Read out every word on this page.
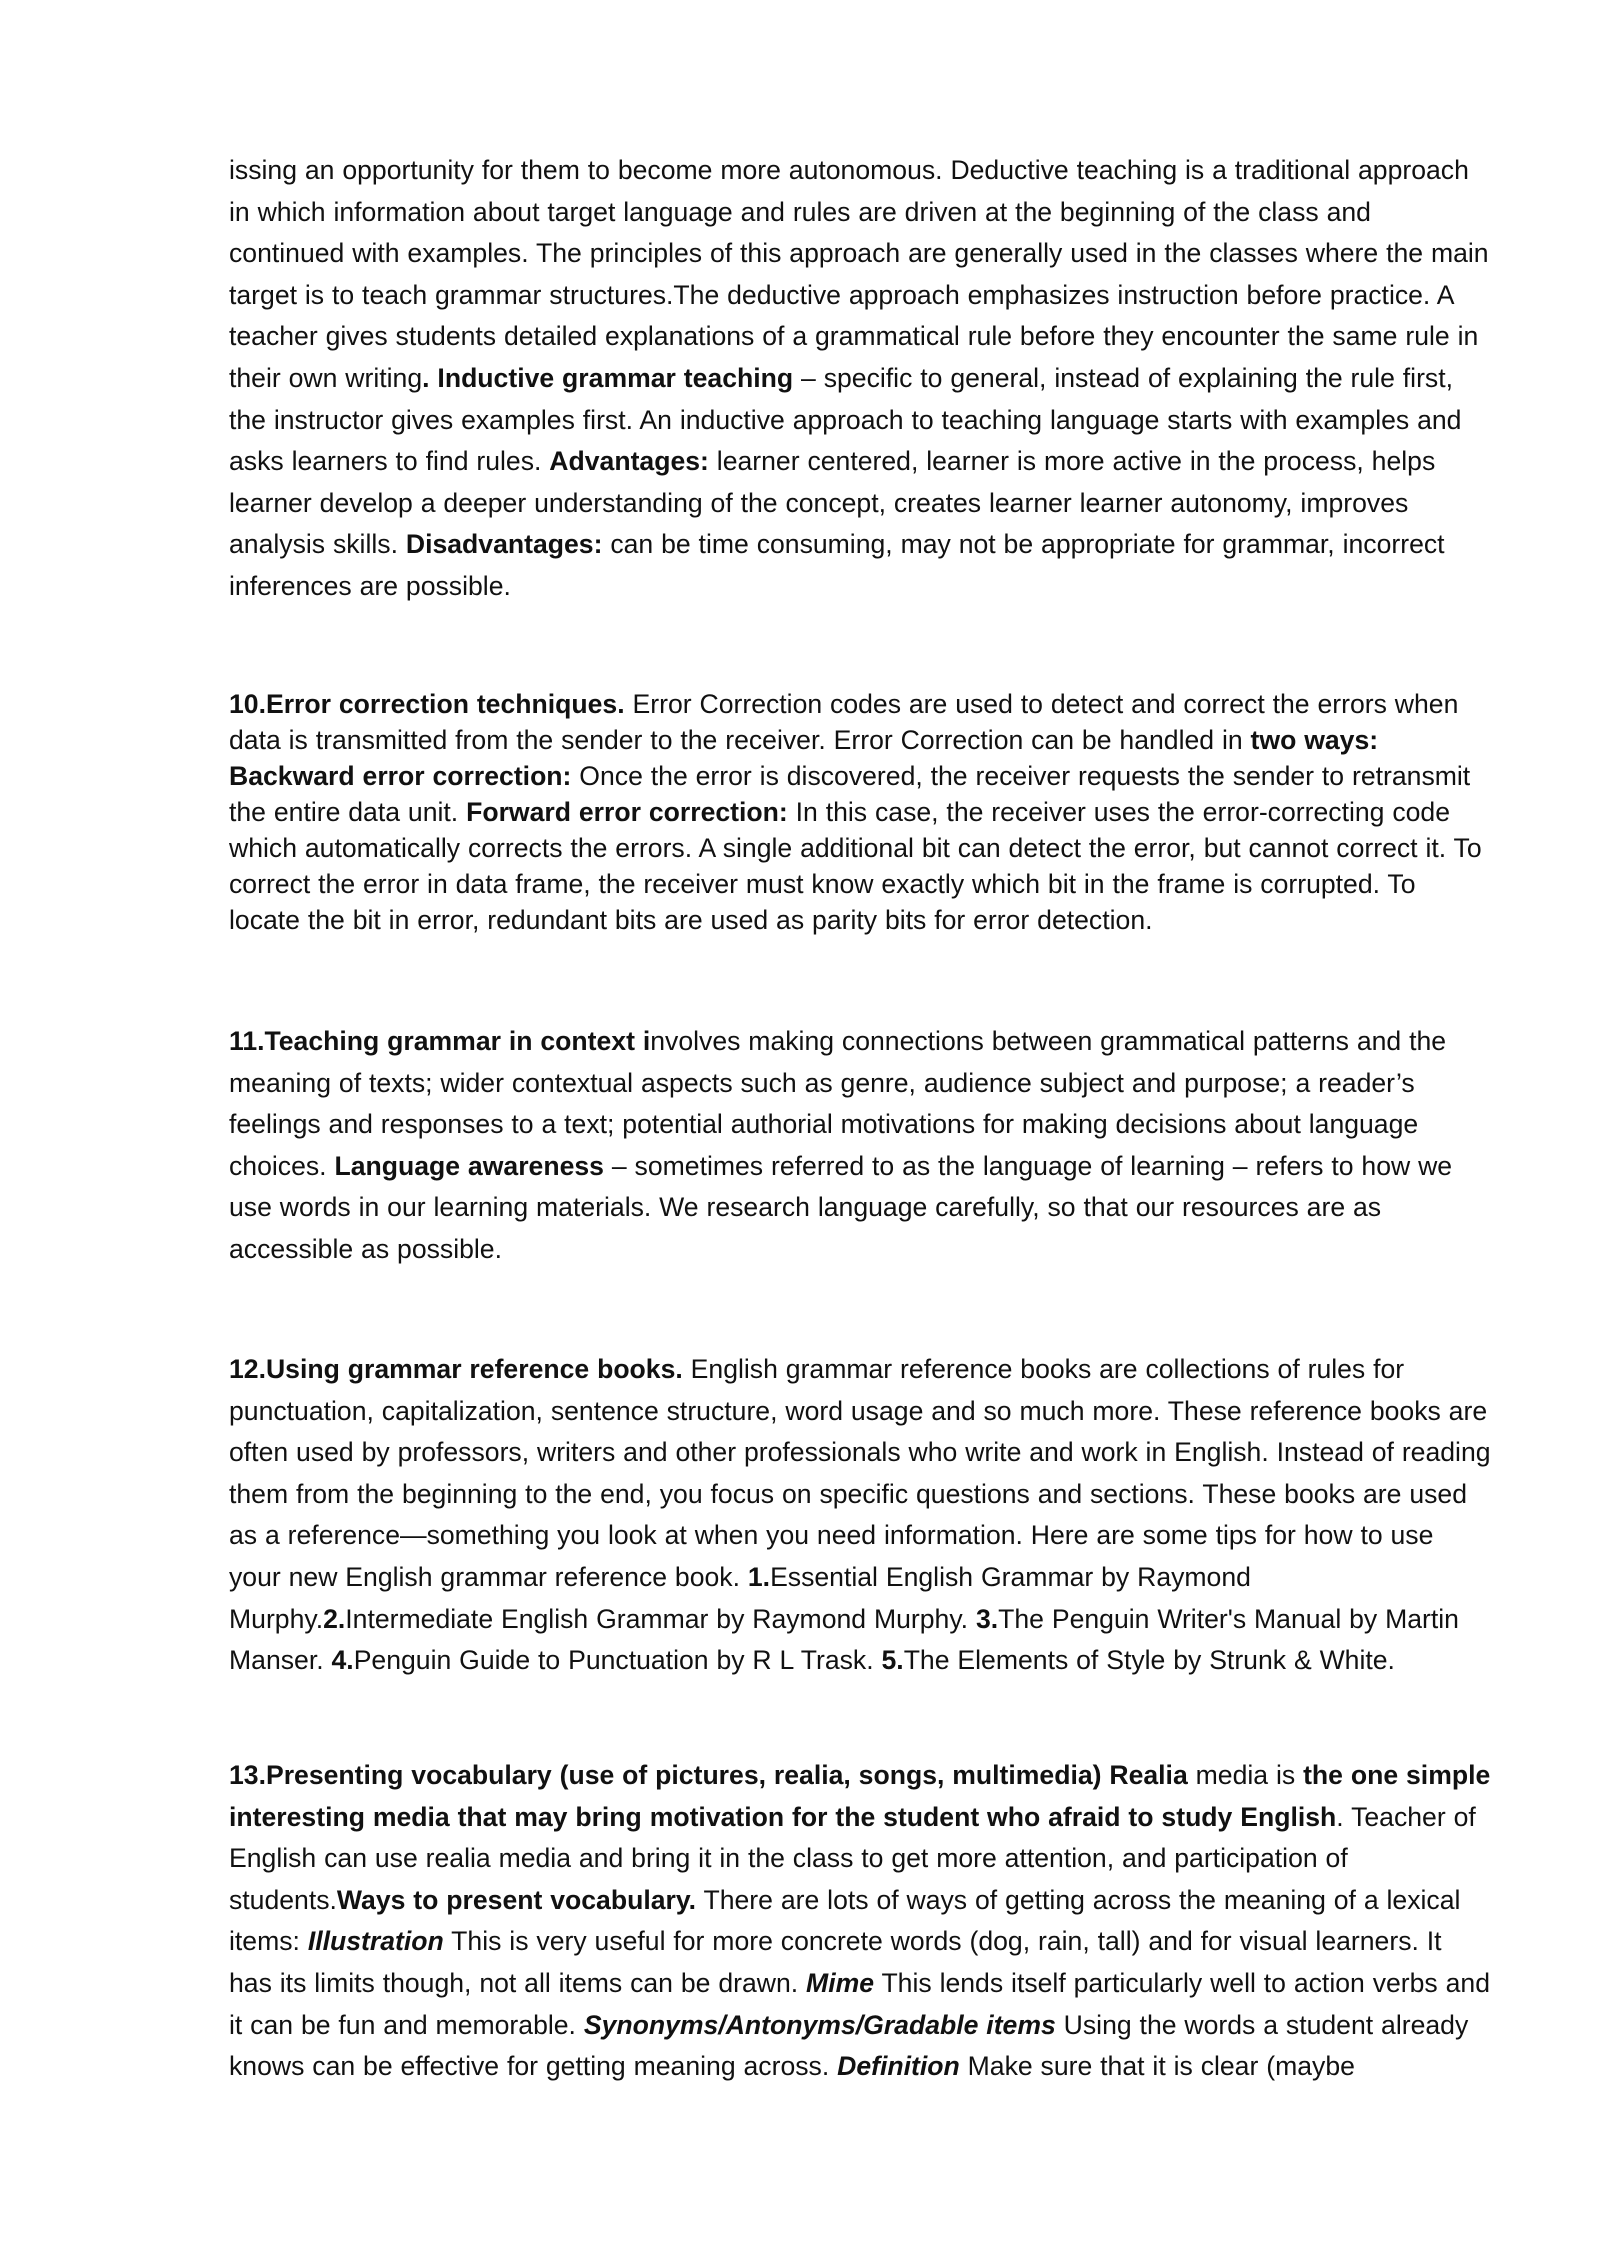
issing an opportunity for them to become more autonomous. Deductive teaching is a traditional approach in which information about target language and rules are driven at the beginning of the class and continued with examples. The principles of this approach are generally used in the classes where the main target is to teach grammar structures.The deductive approach emphasizes instruction before practice. A teacher gives students detailed explanations of a grammatical rule before they encounter the same rule in their own writing. Inductive grammar teaching – specific to general, instead of explaining the rule first, the instructor gives examples first. An inductive approach to teaching language starts with examples and asks learners to find rules. Advantages: learner centered, learner is more active in the process, helps learner develop a deeper understanding of the concept, creates learner learner autonomy, improves analysis skills. Disadvantages: can be time consuming, may not be appropriate for grammar, incorrect inferences are possible.

10.Error correction techniques. Error Correction codes are used to detect and correct the errors when data is transmitted from the sender to the receiver. Error Correction can be handled in two ways: Backward error correction: Once the error is discovered, the receiver requests the sender to retransmit the entire data unit. Forward error correction: In this case, the receiver uses the error-correcting code which automatically corrects the errors. A single additional bit can detect the error, but cannot correct it. To correct the error in data frame, the receiver must know exactly which bit in the frame is corrupted. To locate the bit in error, redundant bits are used as parity bits for error detection.

11.Teaching grammar in context involves making connections between grammatical patterns and the meaning of texts; wider contextual aspects such as genre, audience subject and purpose; a reader’s feelings and responses to a text; potential authorial motivations for making decisions about language choices. Language awareness – sometimes referred to as the language of learning – refers to how we use words in our learning materials. We research language carefully, so that our resources are as accessible as possible.

12.Using grammar reference books. English grammar reference books are collections of rules for punctuation, capitalization, sentence structure, word usage and so much more. These reference books are often used by professors, writers and other professionals who write and work in English. Instead of reading them from the beginning to the end, you focus on specific questions and sections. These books are used as a reference—something you look at when you need information. Here are some tips for how to use your new English grammar reference book. 1.Essential English Grammar by Raymond Murphy.2.Intermediate English Grammar by Raymond Murphy. 3.The Penguin Writer's Manual by Martin Manser. 4.Penguin Guide to Punctuation by R L Trask. 5.The Elements of Style by Strunk & White.

13.Presenting vocabulary (use of pictures, realia, songs, multimedia) Realia media is the one simple interesting media that may bring motivation for the student who afraid to study English. Teacher of English can use realia media and bring it in the class to get more attention, and participation of students.Ways to present vocabulary. There are lots of ways of getting across the meaning of a lexical items: Illustration This is very useful for more concrete words (dog, rain, tall) and for visual learners. It has its limits though, not all items can be drawn. Mime This lends itself particularly well to action verbs and it can be fun and memorable. Synonyms/Antonyms/Gradable items Using the words a student already knows can be effective for getting meaning across. Definition Make sure that it is clear (maybe
